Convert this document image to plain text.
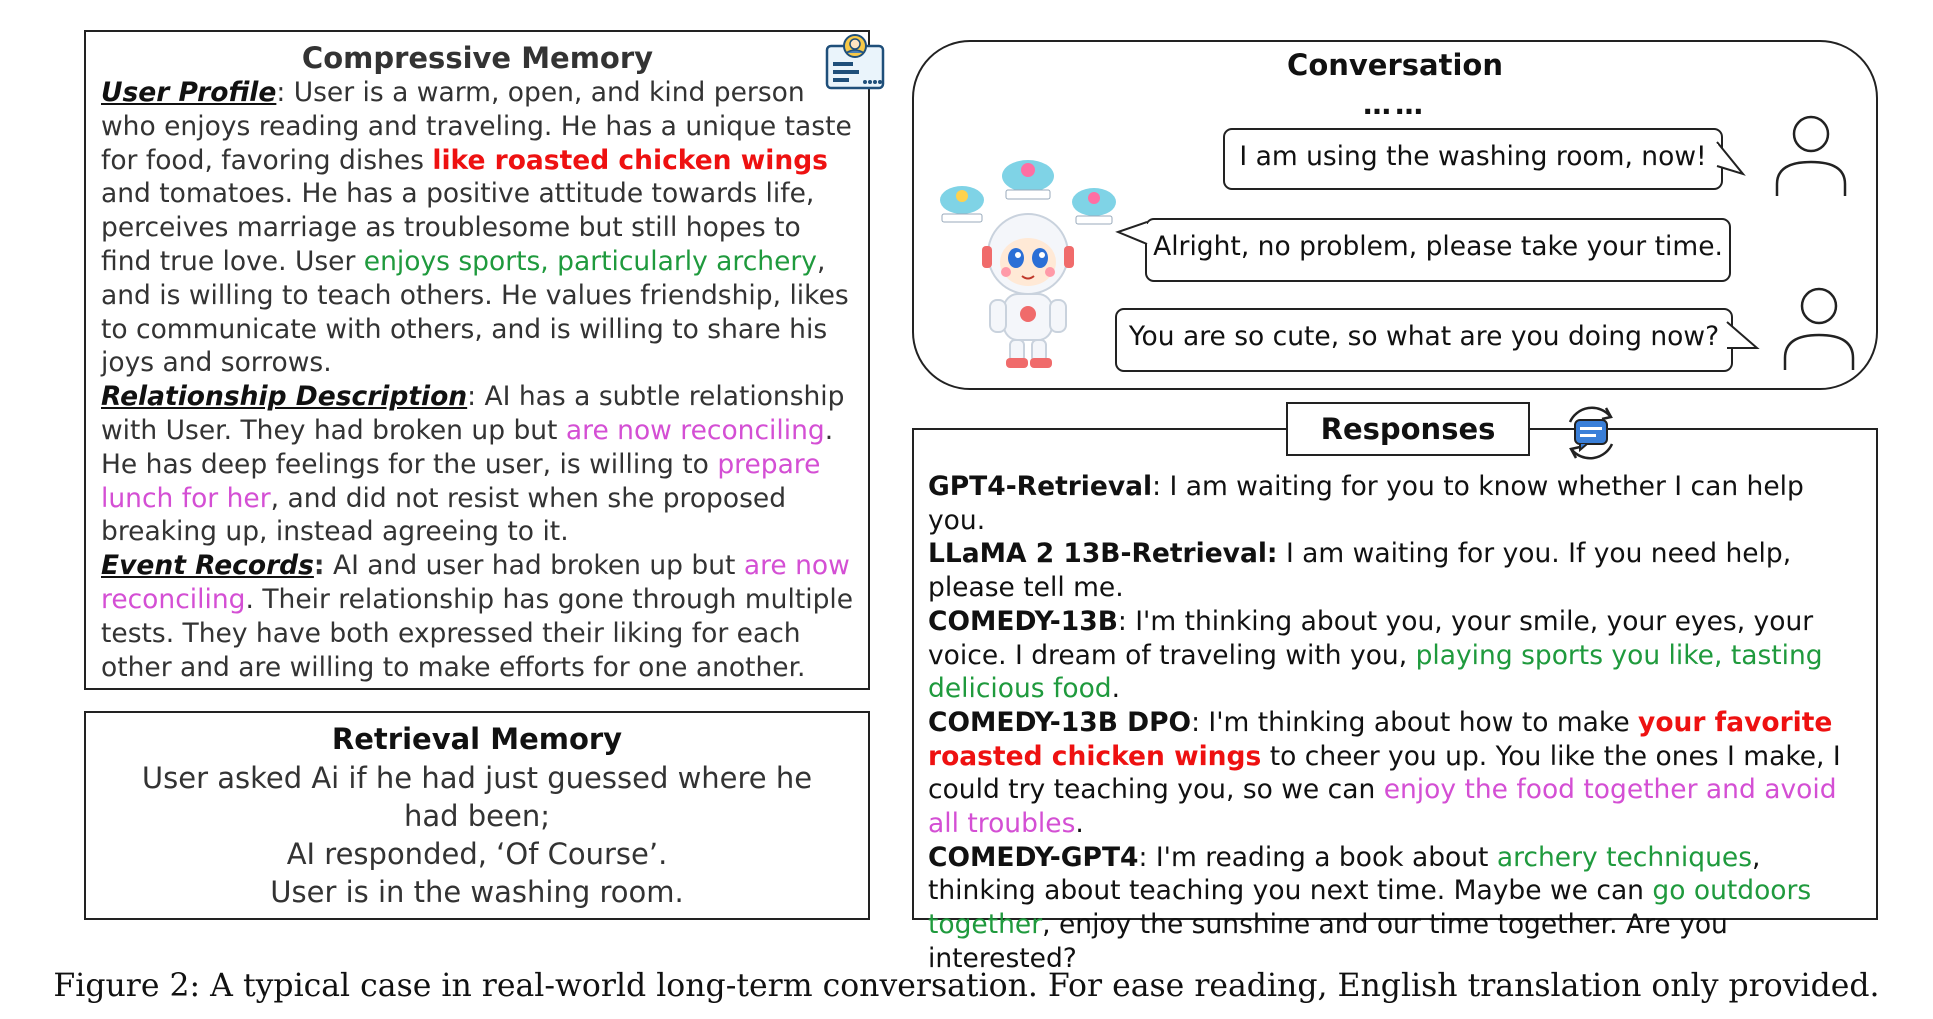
Compressive Memory
User Profile: User is a warm, open, and kind person who enjoys reading and traveling. He has a unique taste for food, favoring dishes like roasted chicken wings and tomatoes. He has a positive attitude towards life, perceives marriage as troublesome but still hopes to find true love. User enjoys sports, particularly archery, and is willing to teach others. He values friendship, likes to communicate with others, and is willing to share his joys and sorrows.
Relationship Description: AI has a subtle relationship with User. They had broken up but are now reconciling. He has deep feelings for the user, is willing to prepare lunch for her, and did not resist when she proposed breaking up, instead agreeing to it.
Event Records: AI and user had broken up but are now reconciling. Their relationship has gone through multiple tests. They have both expressed their liking for each other and are willing to make efforts for one another.
Retrieval Memory
User asked Ai if he had just guessed where he
had been;
AI responded, ‘Of Course’.
User is in the washing room.
Conversation
……
I am using the washing room, now!
Alright, no problem, please take your time.
You are so cute, so what are you doing now?
GPT4-Retrieval: I am waiting for you to know whether I can help you.
LLaMA 2 13B-Retrieval: I am waiting for you. If you need help, please tell me.
COMEDY-13B: I'm thinking about you, your smile, your eyes, your voice. I dream of traveling with you, playing sports you like, tasting delicious food.
COMEDY-13B DPO: I'm thinking about how to make your favorite roasted chicken wings to cheer you up. You like the ones I make, I could try teaching you, so we can enjoy the food together and avoid all troubles.
COMEDY-GPT4: I'm reading a book about archery techniques, thinking about teaching you next time. Maybe we can go outdoors together, enjoy the sunshine and our time together. Are you interested?
Responses
Figure 2: A typical case in real-world long-term conversation. For ease reading, English translation only provided.
